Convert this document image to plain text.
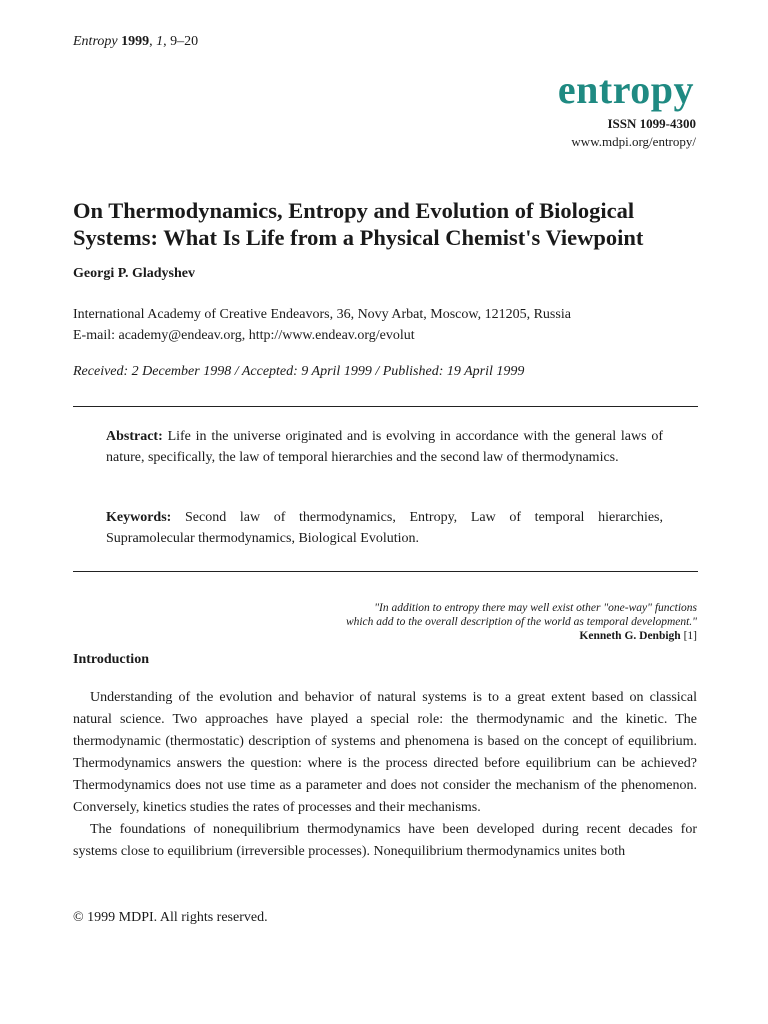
Entropy 1999, 1, 9–20
entropy
ISSN 1099-4300
www.mdpi.org/entropy/
On Thermodynamics, Entropy and Evolution of Biological Systems: What Is Life from a Physical Chemist's Viewpoint
Georgi P. Gladyshev
International Academy of Creative Endeavors, 36, Novy Arbat, Moscow, 121205, Russia
E-mail: academy@endeav.org, http://www.endeav.org/evolut
Received: 2 December 1998 / Accepted: 9 April 1999 / Published: 19 April 1999
Abstract: Life in the universe originated and is evolving in accordance with the general laws of nature, specifically, the law of temporal hierarchies and the second law of thermodynamics.
Keywords: Second law of thermodynamics, Entropy, Law of temporal hierarchies, Supramolecular thermodynamics, Biological Evolution.
"In addition to entropy there may well exist other "one-way" functions
which add to the overall description of the world as temporal development."
Kenneth G. Denbigh [1]
Introduction

Understanding of the evolution and behavior of natural systems is to a great extent based on classical natural science. Two approaches have played a special role: the thermodynamic and the kinetic. The thermodynamic (thermostatic) description of systems and phenomena is based on the concept of equilibrium. Thermodynamics answers the question: where is the process directed before equilibrium can be achieved? Thermodynamics does not use time as a parameter and does not consider the mechanism of the phenomenon. Conversely, kinetics studies the rates of processes and their mechanisms.

The foundations of nonequilibrium thermodynamics have been developed during recent decades for systems close to equilibrium (irreversible processes). Nonequilibrium thermodynamics unites both

© 1999 MDPI. All rights reserved.
